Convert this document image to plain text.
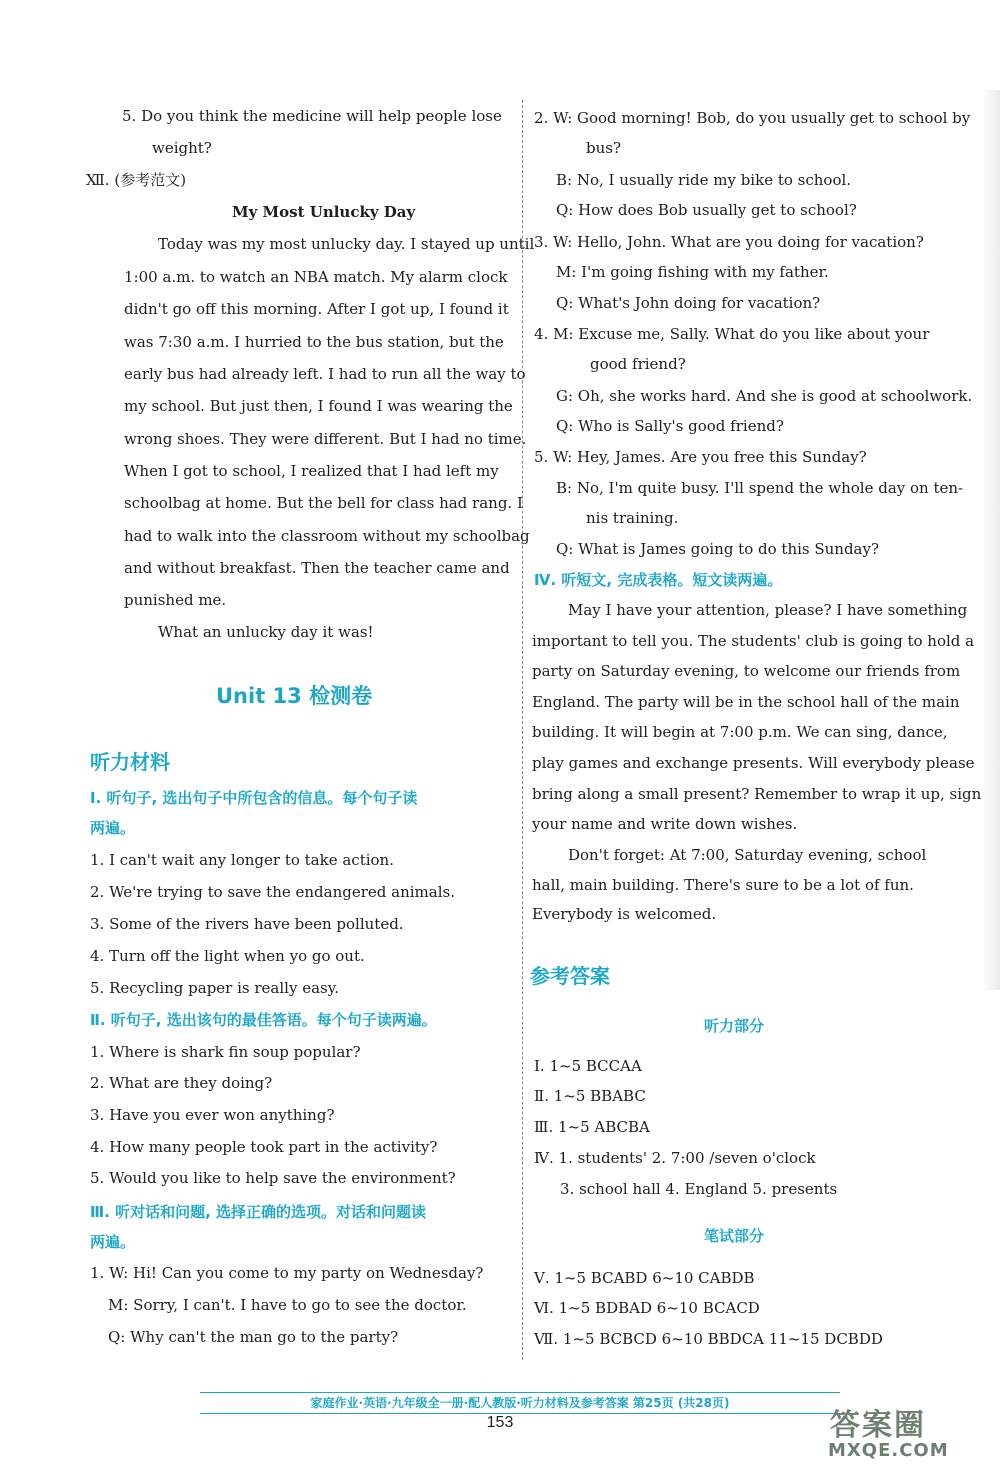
5. Do you think the medicine will help people lose
weight?
Ⅻ. (参考范文)
My Most Unlucky Day
Today was my most unlucky day. I stayed up until
1:00 a.m. to watch an NBA match. My alarm clock
didn't go off this morning. After I got up, I found it
was 7:30 a.m. I hurried to the bus station, but the
early bus had already left. I had to run all the way to
my school. But just then, I found I was wearing the
wrong shoes. They were different. But I had no time.
When I got to school, I realized that I had left my
schoolbag at home. But the bell for class had rang. I
had to walk into the classroom without my schoolbag
and without breakfast. Then the teacher came and
punished me.
What an unlucky day it was!
Unit 13 检测卷
听力材料
Ⅰ. 听句子, 选出句子中所包含的信息。每个句子读
两遍。
1. I can't wait any longer to take action.
2. We're trying to save the endangered animals.
3. Some of the rivers have been polluted.
4. Turn off the light when yo go out.
5. Recycling paper is really easy.
Ⅱ. 听句子, 选出该句的最佳答语。每个句子读两遍。
1. Where is shark fin soup popular?
2. What are they doing?
3. Have you ever won anything?
4. How many people took part in the activity?
5. Would you like to help save the environment?
Ⅲ. 听对话和问题, 选择正确的选项。对话和问题读
两遍。
1. W: Hi! Can you come to my party on Wednesday?
M: Sorry, I can't. I have to go to see the doctor.
Q: Why can't the man go to the party?
2. W: Good morning! Bob, do you usually get to school by
bus?
B: No, I usually ride my bike to school.
Q: How does Bob usually get to school?
3. W: Hello, John. What are you doing for vacation?
M: I'm going fishing with my father.
Q: What's John doing for vacation?
4. M: Excuse me, Sally. What do you like about your
good friend?
G: Oh, she works hard. And she is good at schoolwork.
Q: Who is Sally's good friend?
5. W: Hey, James. Are you free this Sunday?
B: No, I'm quite busy. I'll spend the whole day on ten-
nis training.
Q: What is James going to do this Sunday?
Ⅳ. 听短文, 完成表格。短文读两遍。
May I have your attention, please? I have something
important to tell you. The students' club is going to hold a
party on Saturday evening, to welcome our friends from
England. The party will be in the school hall of the main
building. It will begin at 7:00 p.m. We can sing, dance,
play games and exchange presents. Will everybody please
bring along a small present? Remember to wrap it up, sign
your name and write down wishes.
Don't forget: At 7:00, Saturday evening, school
hall, main building. There's sure to be a lot of fun.
Everybody is welcomed.
参考答案
听力部分
Ⅰ. 1~5 BCCAA
Ⅱ. 1~5 BBABC
Ⅲ. 1~5 ABCBA
Ⅳ. 1. students' 2. 7:00 /seven o'clock
3. school hall 4. England 5. presents
笔试部分
Ⅴ. 1~5 BCABD 6~10 CABDB
Ⅵ. 1~5 BDBAD 6~10 BCACD
Ⅶ. 1~5 BCBCD 6~10 BBDCA 11~15 DCBDD
家庭作业·英语·九年级全一册·配人教版·听力材料及参考答案 第25页 (共28页)
153	答案圈
MXQE.COM
